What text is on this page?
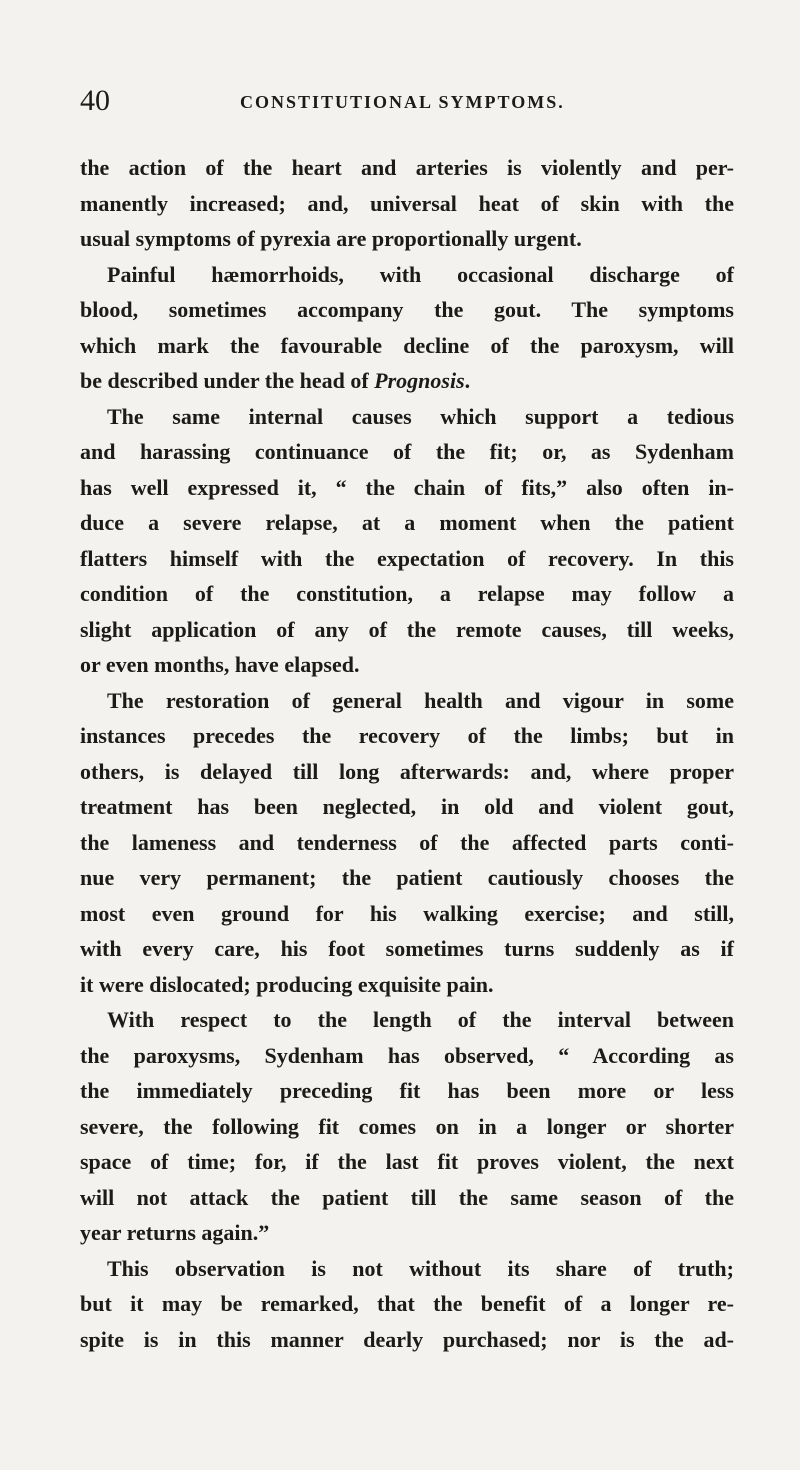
40	CONSTITUTIONAL SYMPTOMS.

the action of the heart and arteries is violently and per-
manently increased; and, universal heat of skin with the
usual symptoms of pyrexia are proportionally urgent.

Painful hæmorrhoids, with occasional discharge of
blood, sometimes accompany the gout. The symptoms
which mark the favourable decline of the paroxysm, will
be described under the head of Prognosis.

The same internal causes which support a tedious
and harassing continuance of the fit; or, as Sydenham
has well expressed it, “ the chain of fits,” also often in-
duce a severe relapse, at a moment when the patient
flatters himself with the expectation of recovery. In this
condition of the constitution, a relapse may follow a
slight application of any of the remote causes, till weeks,
or even months, have elapsed.

The restoration of general health and vigour in some
instances precedes the recovery of the limbs; but in
others, is delayed till long afterwards: and, where proper
treatment has been neglected, in old and violent gout,
the lameness and tenderness of the affected parts conti-
nue very permanent; the patient cautiously chooses the
most even ground for his walking exercise; and still,
with every care, his foot sometimes turns suddenly as if
it were dislocated; producing exquisite pain.

With respect to the length of the interval between
the paroxysms, Sydenham has observed, “ According as
the immediately preceding fit has been more or less
severe, the following fit comes on in a longer or shorter
space of time; for, if the last fit proves violent, the next
will not attack the patient till the same season of the
year returns again.”

This observation is not without its share of truth;
but it may be remarked, that the benefit of a longer re-
spite is in this manner dearly purchased; nor is the ad-
